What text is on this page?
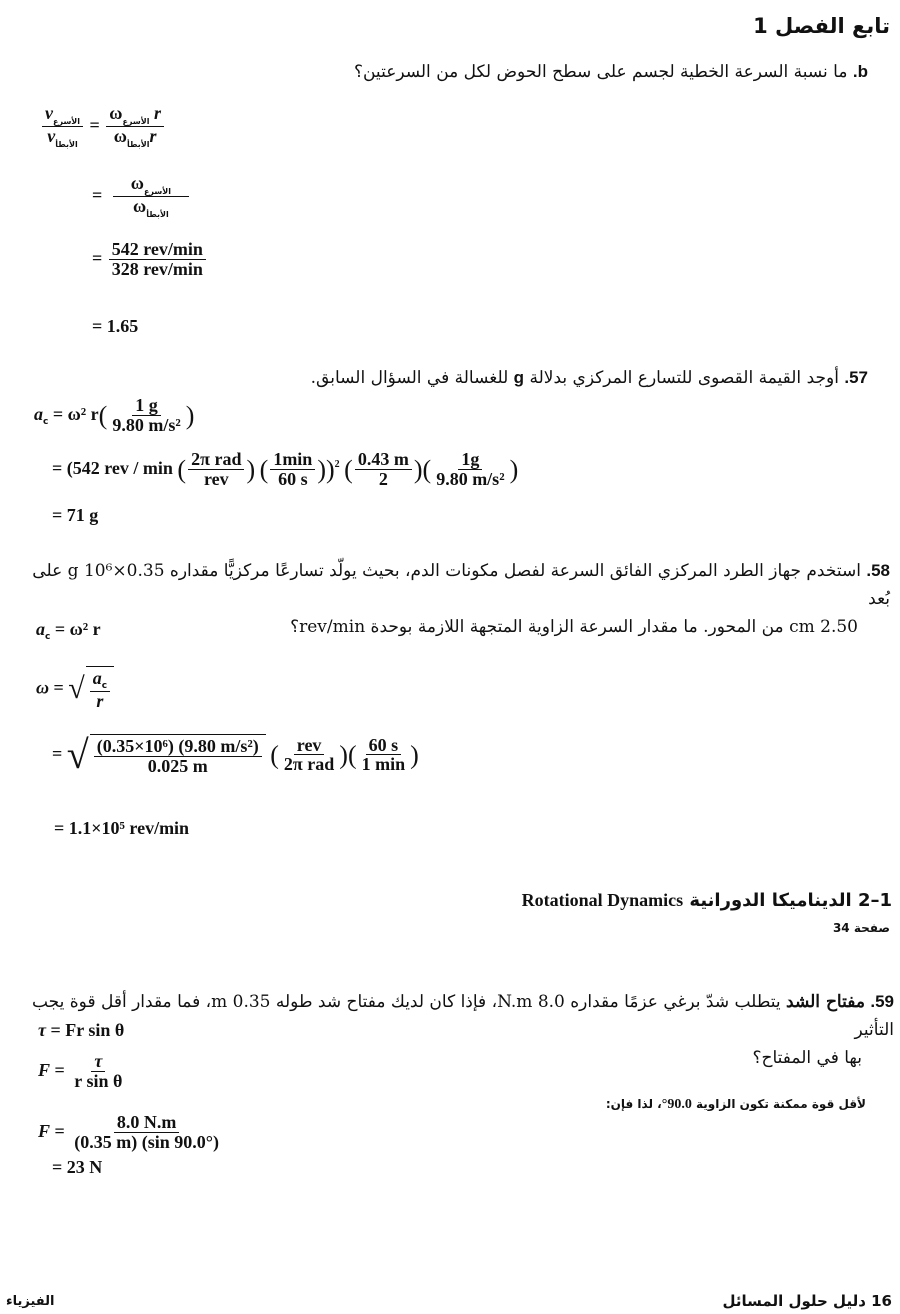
تابع الفصل 1
b. ما نسبة السرعة الخطية لجسم على سطح الحوض لكل من السرعتين؟
$\frac{v_{الأسرع}}{v_{الأبطأ}} = \frac{\omega_{الأسرع} r}{\omega_{الأبطأ}r}$
= $\frac{\omega_{الأسرع}}{\omega_{الأبطأ}}$
= $\frac{\text{542 rev/min}}{\text{328 rev/min}}$
= 1.65
57. أوجد القيمة القصوى للتسارع المركزي بدلالة g للغسالة في السؤال السابق.
$a_c = \omega^2$ $r( \frac{1 g}{\text{9.80 m/s²}}$ )
= (542 rev / min ( $\frac{\text{2π rad}}{\text{rev}}$ ) ( $\frac{1\min}{60 s} ))^2$ ( $\frac{0.43 m}{2}$ )( $\frac{1g}{\text{9.80 m/s²}}$ )
= 71 g
58. استخدم جهاز الطرد المركزي الفائق السرعة لفصل مكونات الدم، بحيث يولّد تسارعًا مركزيًّا مقداره 0.35×10⁶ g على بُعد
2.50 cm من المحور. ما مقدار السرعة الزاوية المتجهة اللازمة بوحدة rev/min؟
$a_c = \omega^2$ r
ω = √ $\frac{a_c}{r}$
= √ $\frac{\text{(0.35×10⁶) (9.80 m/s²)}}{0.025 m}$ ( $\frac{\text{rev}}{\text{2π rad}}$ )( $\frac{60 s}{1 \min}$ )
= 1.1×10⁵ rev/min
1–2 الديناميكا الدورانية Rotational Dynamics
صفحة 34
59. مفتاح الشد يتطلب شدّ برغي عزمًا مقداره 8.0 N.m، فإذا كان لديك مفتاح شد طوله 0.35 m، فما مقدار أقل قوة يجب التأثير
بها في المفتاح؟
τ = Fr sin θ
$F = \frac{\tau}{\text{r sin θ}}$
لأقل قوة ممكنة تكون الزاوية 90.0°، لذا فإن:
$F = \frac{8.0 N.m}{(0.35 m) (\sin 90.0^\circ)}$
= 23 N
الفيزياء	16 دليل حلول المسائل
